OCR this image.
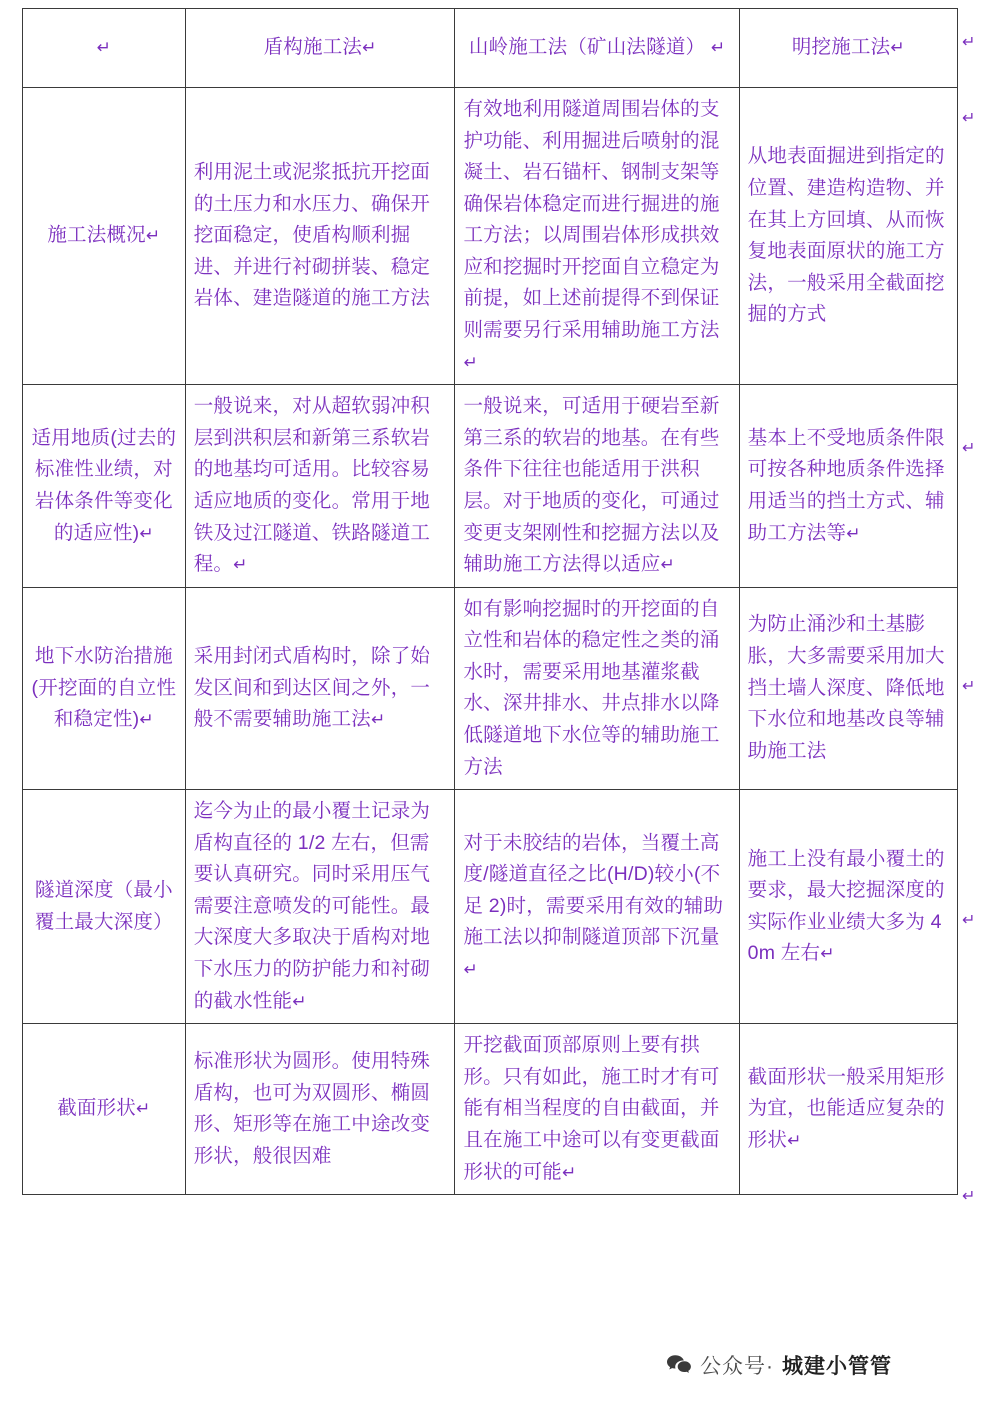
↵	盾构施工法↵	山岭施工法（矿山法隧道） ↵	明挖施工法↵
施工法概况↵	利用泥土或泥浆抵抗开挖面的土压力和水压力、确保开挖面稳定，使盾构顺利掘进、并进行衬砌拼装、稳定岩体、建造隧道的施工方法	有效地利用隧道周围岩体的支护功能、利用掘进后喷射的混凝土、岩石锚杆、钢制支架等确保岩体稳定而进行掘进的施工方法；以周围岩体形成拱效应和挖掘时开挖面自立稳定为前提，如上述前提得不到保证则需要另行采用辅助施工方法↵	从地表面掘进到指定的位置、建造构造物、并在其上方回填、从而恢复地表面原状的施工方法，一般采用全截面挖掘的方式
适用地质(过去的标准性业绩，对岩体条件等变化的适应性)↵	一般说来，对从超软弱冲积层到洪积层和新第三系软岩的地基均可适用。比较容易适应地质的变化。常用于地铁及过江隧道、铁路隧道工程。↵	一般说来，可适用于硬岩至新第三系的软岩的地基。在有些条件下往往也能适用于洪积层。对于地质的变化，可通过变更支架刚性和挖掘方法以及辅助施工方法得以适应↵	基本上不受地质条件限可按各种地质条件选择用适当的挡土方式、辅助工方法等↵
地下水防治措施(开挖面的自立性和稳定性)↵	采用封闭式盾构时，除了始发区间和到达区间之外，一般不需要辅助施工法↵	如有影响挖掘时的开挖面的自立性和岩体的稳定性之类的涌水时，需要采用地基灌浆截水、深井排水、井点排水以降低隧道地下水位等的辅助施工方法	为防止涌沙和土基膨胀，大多需要采用加大挡土墙人深度、降低地下水位和地基改良等辅助施工法
隧道深度（最小覆土最大深度）	迄今为止的最小覆土记录为盾构直径的 1/2 左右，但需要认真研究。同时采用压气需要注意喷发的可能性。最大深度大多取决于盾构对地下水压力的防护能力和衬砌的截水性能↵	对于未胶结的岩体，当覆土高度/隧道直径之比(H/D)较小(不足 2)时，需要采用有效的辅助施工法以抑制隧道顶部下沉量↵	施工上没有最小覆土的要求，最大挖掘深度的实际作业业绩大多为 40m 左右↵
截面形状↵	标准形状为圆形。使用特殊盾构，也可为双圆形、椭圆形、矩形等在施工中途改变形状，般很因难	开挖截面顶部原则上要有拱形。只有如此，施工时才有可能有相当程度的自由截面，并且在施工中途可以有变更截面形状的可能↵	截面形状一般采用矩形为宜，也能适应复杂的形状↵
↵
↵
↵
↵
↵
↵
公众号· 城建小管管
